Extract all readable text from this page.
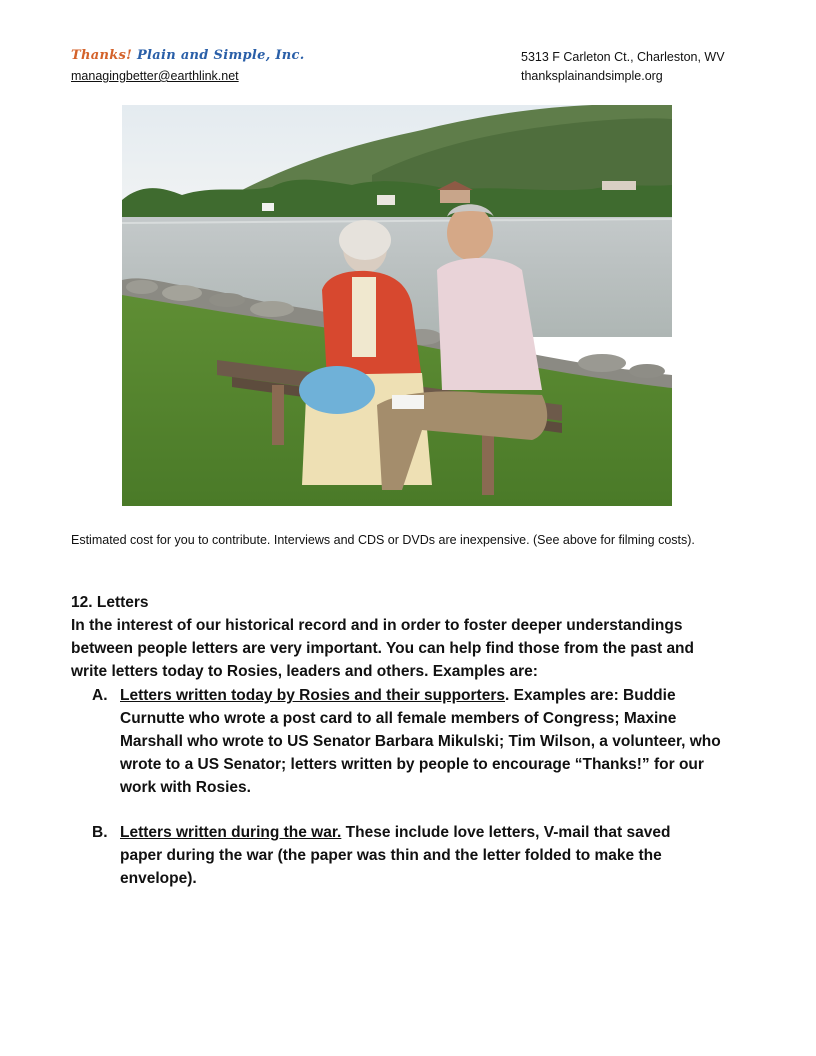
Thanks! Plain and Simple, Inc.
managingbetter@earthlink.net
5313 F Carleton Ct., Charleston, WV
thanksplainandsimple.org
Estimated cost for you to contribute. Interviews and CDS or DVDs are inexpensive. (See above for filming costs).
12. Letters
In the interest of our historical record and in order to foster deeper understandings
between people letters are very important. You can help find those from the past and
write letters today to Rosies, leaders and others. Examples are:
A. Letters written today by Rosies and their supporters. Examples are: Buddie
Curnutte who wrote a post card to all female members of Congress; Maxine
Marshall who wrote to US Senator Barbara Mikulski; Tim Wilson, a volunteer, who
wrote to a US Senator; letters written by people to encourage “Thanks!” for our
work with Rosies.
B. Letters written during the war. These include love letters, V-mail that saved
paper during the war (the paper was thin and the letter folded to make the
envelope).
